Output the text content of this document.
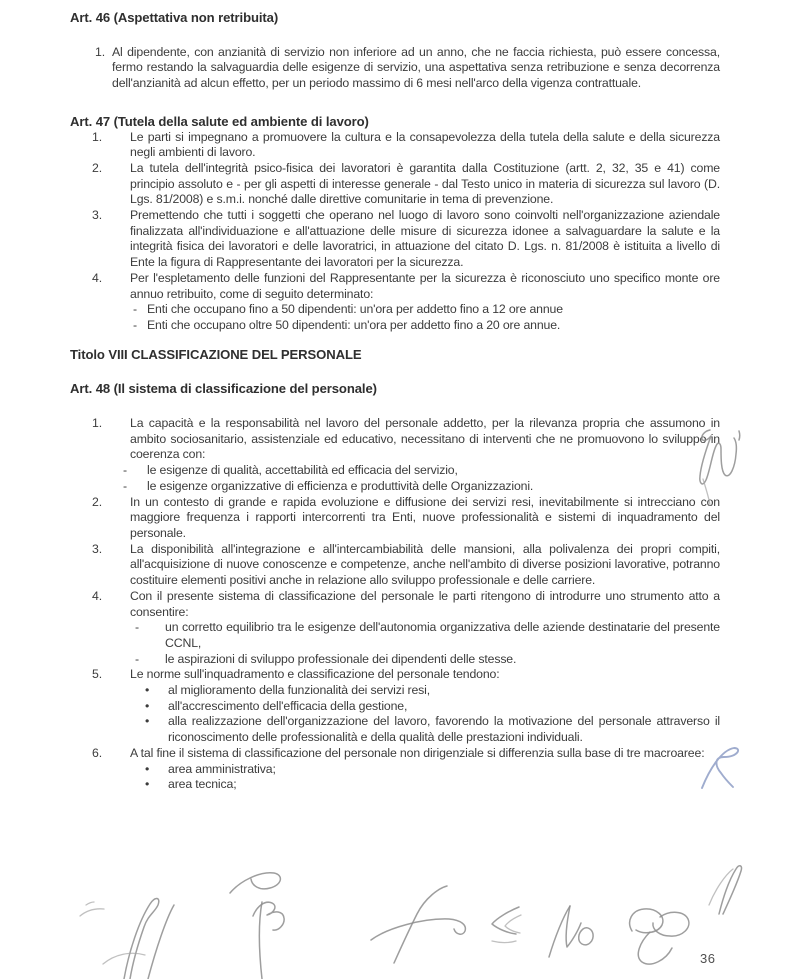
Art. 46 (Aspettativa non retribuita)
1. Al dipendente, con anzianità di servizio non inferiore ad un anno, che ne faccia richiesta, può essere concessa, fermo restando la salvaguardia delle esigenze di servizio, una aspettativa senza retribuzione e senza decorrenza dell'anzianità ad alcun effetto, per un periodo massimo di 6 mesi nell'arco della vigenza contrattuale.
Art. 47 (Tutela della salute ed ambiente di lavoro)
1.	Le parti si impegnano a promuovere la cultura e la consapevolezza della tutela della salute e della sicurezza negli ambienti di lavoro.
2.	La tutela dell'integrità psico-fisica dei lavoratori è garantita dalla Costituzione (artt. 2, 32, 35 e 41) come principio assoluto e - per gli aspetti di interesse generale - dal Testo unico in materia di sicurezza sul lavoro (D. Lgs. 81/2008) e s.m.i. nonché dalle direttive comunitarie in tema di prevenzione.
3.	Premettendo che tutti i soggetti che operano nel luogo di lavoro sono coinvolti nell'organizzazione aziendale finalizzata all'individuazione e all'attuazione delle misure di sicurezza idonee a salvaguardare la salute e la integrità fisica dei lavoratori e delle lavoratrici, in attuazione del citato D. Lgs. n. 81/2008 è istituita a livello di Ente la figura di Rappresentante dei lavoratori per la sicurezza.
4.	Per l'espletamento delle funzioni del Rappresentante per la sicurezza è riconosciuto uno specifico monte ore annuo retribuito, come di seguito determinato:
- Enti che occupano fino a 50 dipendenti: un'ora per addetto fino a 12 ore annue
- Enti che occupano oltre 50 dipendenti: un'ora per addetto fino a 20 ore annue.
Titolo VIII CLASSIFICAZIONE DEL PERSONALE
Art. 48 (Il sistema di classificazione del personale)
1.	La capacità e la responsabilità nel lavoro del personale addetto, per la rilevanza propria che assumono in ambito sociosanitario, assistenziale ed educativo, necessitano di interventi che ne promuovono lo sviluppo in coerenza con:
-	le esigenze di qualità, accettabilità ed efficacia del servizio,
-	le esigenze organizzative di efficienza e produttività delle Organizzazioni.
2.	In un contesto di grande e rapida evoluzione e diffusione dei servizi resi, inevitabilmente si intrecciano con maggiore frequenza i rapporti intercorrenti tra Enti, nuove professionalità e sistemi di inquadramento del personale.
3.	La disponibilità all'integrazione e all'intercambiabilità delle mansioni, alla polivalenza dei propri compiti, all'acquisizione di nuove conoscenze e competenze, anche nell'ambito di diverse posizioni lavorative, potranno costituire elementi positivi anche in relazione allo sviluppo professionale e delle carriere.
4.	Con il presente sistema di classificazione del personale le parti ritengono di introdurre uno strumento atto a consentire:
-	un corretto equilibrio tra le esigenze dell'autonomia organizzativa delle aziende destinatarie del presente CCNL,
-	le aspirazioni di sviluppo professionale dei dipendenti delle stesse.
5.	Le norme sull'inquadramento e classificazione del personale tendono:
•	al miglioramento della funzionalità dei servizi resi,
•	all'accrescimento dell'efficacia della gestione,
•	alla realizzazione dell'organizzazione del lavoro, favorendo la motivazione del personale attraverso il riconoscimento delle professionalità e della qualità delle prestazioni individuali.
6.	A tal fine il sistema di classificazione del personale non dirigenziale si differenzia sulla base di tre macroaree:
•	area amministrativa;
•	area tecnica;
36
